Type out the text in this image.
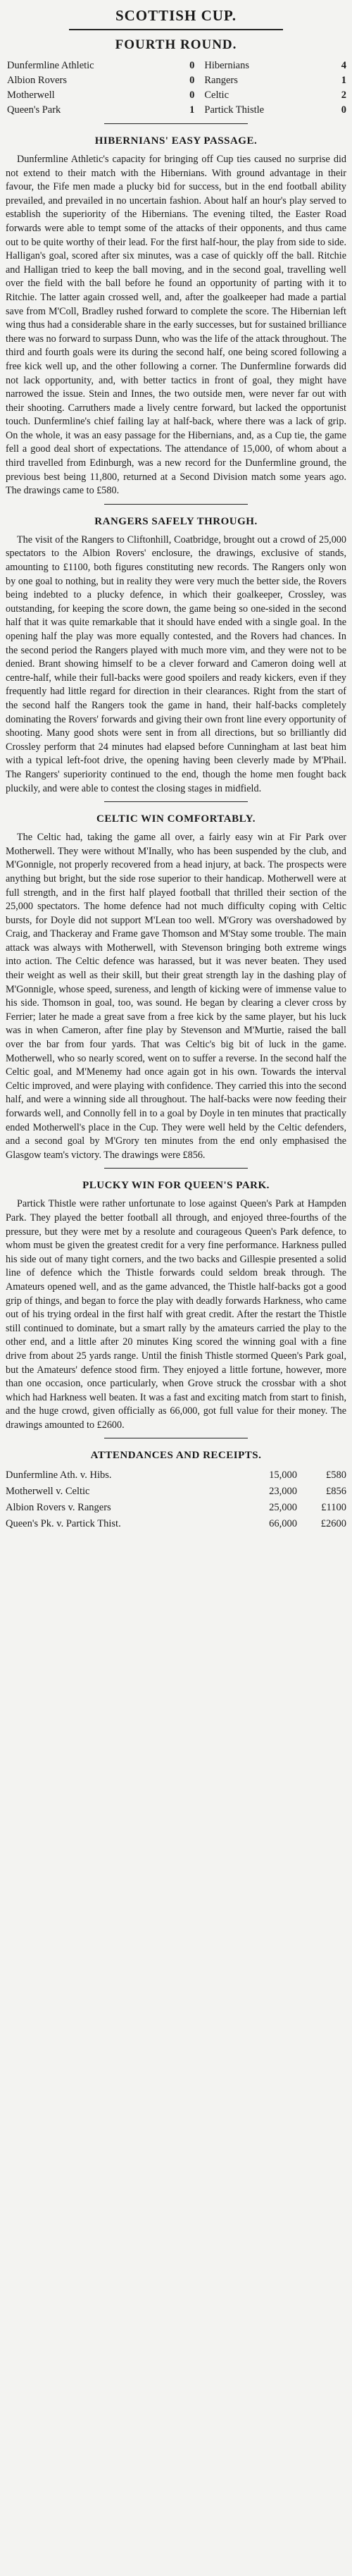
SCOTTISH CUP.
FOURTH ROUND.
Dunfermline Athletic	0	Hibernians	4
Albion Rovers	0	Rangers	1
Motherwell	0	Celtic	2
Queen's Park	1	Partick Thistle	0
HIBERNIANS' EASY PASSAGE.

Dunfermline Athletic's capacity for bringing off Cup ties caused no surprise did not extend to their match with the Hibernians. With ground advantage in their favour, the Fife men made a plucky bid for success, but in the end football ability prevailed, and prevailed in no uncertain fashion. About half an hour's play served to establish the superiority of the Hibernians. The evening tilted, the Easter Road forwards were able to tempt some of the attacks of their opponents, and thus came out to be quite worthy of their lead. For the first half-hour, the play from side to side. Halligan's goal, scored after six minutes, was a case of quickly off the ball. Ritchie and Halligan tried to keep the ball moving, and in the second goal, travelling well over the field with the ball before he found an opportunity of parting with it to Ritchie. The latter again crossed well, and, after the goalkeeper had made a partial save from M'Coll, Bradley rushed forward to complete the score. The Hibernian left wing thus had a considerable share in the early successes, but for sustained brilliance there was no forward to surpass Dunn, who was the life of the attack throughout. The third and fourth goals were its during the second half, one being scored following a free kick well up, and the other following a corner. The Dunfermline forwards did not lack opportunity, and, with better tactics in front of goal, they might have narrowed the issue. Stein and Innes, the two outside men, were never far out with their shooting. Carruthers made a lively centre forward, but lacked the opportunist touch. Dunfermline's chief failing lay at half-back, where there was a lack of grip. On the whole, it was an easy passage for the Hibernians, and, as a Cup tie, the game fell a good deal short of expectations. The attendance of 15,000, of whom about a third travelled from Edinburgh, was a new record for the Dunfermline ground, the previous best being 11,800, returned at a Second Division match some years ago. The drawings came to £580.

RANGERS SAFELY THROUGH.

The visit of the Rangers to Cliftonhill, Coatbridge, brought out a crowd of 25,000 spectators to the Albion Rovers' enclosure, the drawings, exclusive of stands, amounting to £1100, both figures constituting new records. The Rangers only won by one goal to nothing, but in reality they were very much the better side, the Rovers being indebted to a plucky defence, in which their goalkeeper, Crossley, was outstanding, for keeping the score down, the game being so one-sided in the second half that it was quite remarkable that it should have ended with a single goal. In the opening half the play was more equally contested, and the Rovers had chances. In the second period the Rangers played with much more vim, and they were not to be denied. Brant showing himself to be a clever forward and Cameron doing well at centre-half, while their full-backs were good spoilers and ready kickers, even if they frequently had little regard for direction in their clearances. Right from the start of the second half the Rangers took the game in hand, their half-backs completely dominating the Rovers' forwards and giving their own front line every opportunity of shooting. Many good shots were sent in from all directions, but so brilliantly did Crossley perform that 24 minutes had elapsed before Cunningham at last beat him with a typical left-foot drive, the opening having been cleverly made by M'Phail. The Rangers' superiority continued to the end, though the home men fought back pluckily, and were able to contest the closing stages in midfield.

CELTIC WIN COMFORTABLY.

The Celtic had, taking the game all over, a fairly easy win at Fir Park over Motherwell. They were without M'Inally, who has been suspended by the club, and M'Gonnigle, not properly recovered from a head injury, at back. The prospects were anything but bright, but the side rose superior to their handicap. Motherwell were at full strength, and in the first half played football that thrilled their section of the 25,000 spectators. The home defence had not much difficulty coping with Celtic bursts, for Doyle did not support M'Lean too well. M'Grory was overshadowed by Craig, and Thackeray and Frame gave Thomson and M'Stay some trouble. The main attack was always with Motherwell, with Stevenson bringing both extreme wings into action. The Celtic defence was harassed, but it was never beaten. They used their weight as well as their skill, but their great strength lay in the dashing play of M'Gonnigle, whose speed, sureness, and length of kicking were of immense value to his side. Thomson in goal, too, was sound. He began by clearing a clever cross by Ferrier; later he made a great save from a free kick by the same player, but his luck was in when Cameron, after fine play by Stevenson and M'Murtie, raised the ball over the bar from four yards. That was Celtic's big bit of luck in the game. Motherwell, who so nearly scored, went on to suffer a reverse. In the second half the Celtic goal, and M'Menemy had once again got in his own. Towards the interval Celtic improved, and were playing with confidence. They carried this into the second half, and were a winning side all throughout. The half-backs were now feeding their forwards well, and Connolly fell in to a goal by Doyle in ten minutes that practically ended Motherwell's place in the Cup. They were well held by the Celtic defenders, and a second goal by M'Grory ten minutes from the end only emphasised the Glasgow team's victory. The drawings were £856.

PLUCKY WIN FOR QUEEN'S PARK.

Partick Thistle were rather unfortunate to lose against Queen's Park at Hampden Park. They played the better football all through, and enjoyed three-fourths of the pressure, but they were met by a resolute and courageous Queen's Park defence, to whom must be given the greatest credit for a very fine performance. Harkness pulled his side out of many tight corners, and the two backs and Gillespie presented a solid line of defence which the Thistle forwards could seldom break through. The Amateurs opened well, and as the game advanced, the Thistle half-backs got a good grip of things, and began to force the play with deadly forwards Harkness, who came out of his trying ordeal in the first half with great credit. After the restart the Thistle still continued to dominate, but a smart rally by the amateurs carried the play to the other end, and a little after 20 minutes King scored the winning goal with a fine drive from about 25 yards range. Until the finish Thistle stormed Queen's Park goal, but the Amateurs' defence stood firm. They enjoyed a little fortune, however, more than one occasion, once particularly, when Grove struck the crossbar with a shot which had Harkness well beaten. It was a fast and exciting match from start to finish, and the huge crowd, given officially as 66,000, got full value for their money. The drawings amounted to £2600.

ATTENDANCES AND RECEIPTS.
Dunfermline Ath. v. Hibs.	15,000	£580
Motherwell v. Celtic	23,000	£856
Albion Rovers v. Rangers	25,000	£1100
Queen's Pk. v. Partick Thist.	66,000	£2600
